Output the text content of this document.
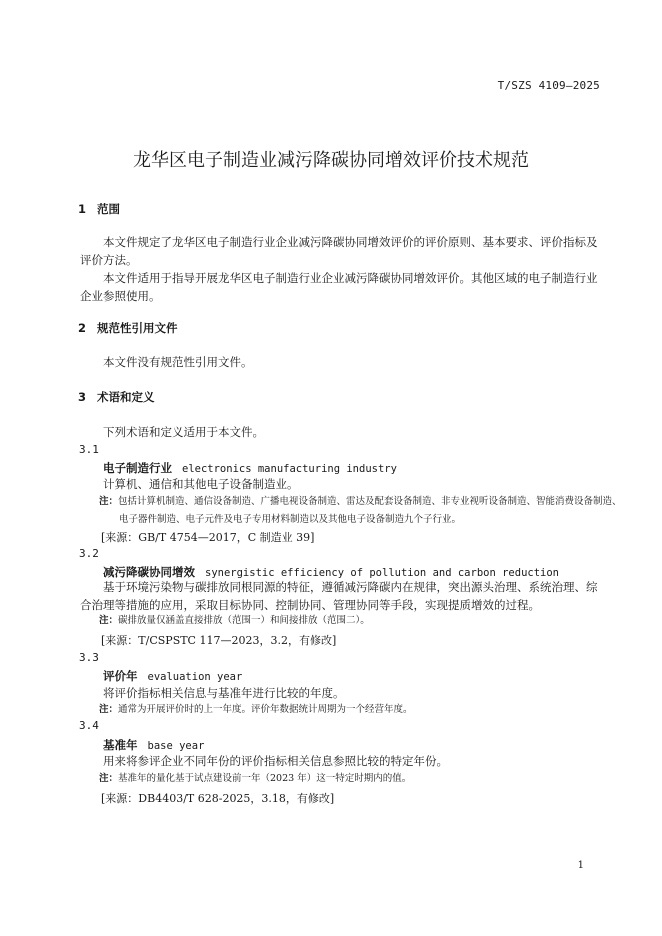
T/SZS 4109—2025
龙华区电子制造业减污降碳协同增效评价技术规范
1 范围

本文件规定了龙华区电子制造行业企业减污降碳协同增效评价的评价原则、基本要求、评价指标及评价方法。

本文件适用于指导开展龙华区电子制造行业企业减污降碳协同增效评价。其他区域的电子制造行业企业参照使用。

2 规范性引用文件

本文件没有规范性引用文件。

3 术语和定义

下列术语和定义适用于本文件。

3.1
电子制造行业 electronics manufacturing industry
计算机、通信和其他电子设备制造业。

注：包括计算机制造、通信设备制造、广播电视设备制造、雷达及配套设备制造、非专业视听设备制造、智能消费设备制造、电子器件制造、电子元件及电子专用材料制造以及其他电子设备制造九个子行业。

[来源：GB/T 4754—2017，C 制造业 39]
3.2
减污降碳协同增效 synergistic efficiency of pollution and carbon reduction

基于环境污染物与碳排放同根同源的特征，遵循减污降碳内在规律，突出源头治理、系统治理、综合治理等措施的应用，采取目标协同、控制协同、管理协同等手段，实现提质增效的过程。

注：碳排放量仅涵盖直接排放（范围一）和间接排放（范围二）。

[来源：T/CSPSTC 117—2023，3.2，有修改]
3.3
评价年 evaluation year
将评价指标相关信息与基准年进行比较的年度。

注：通常为开展评价时的上一年度。评价年数据统计周期为一个经营年度。

3.4
基准年 base year
用来将参评企业不同年份的评价指标相关信息参照比较的特定年份。

注：基准年的量化基于试点建设前一年（2023 年）这一特定时期内的值。

[来源：DB4403/T 628-2025，3.18，有修改]
1
